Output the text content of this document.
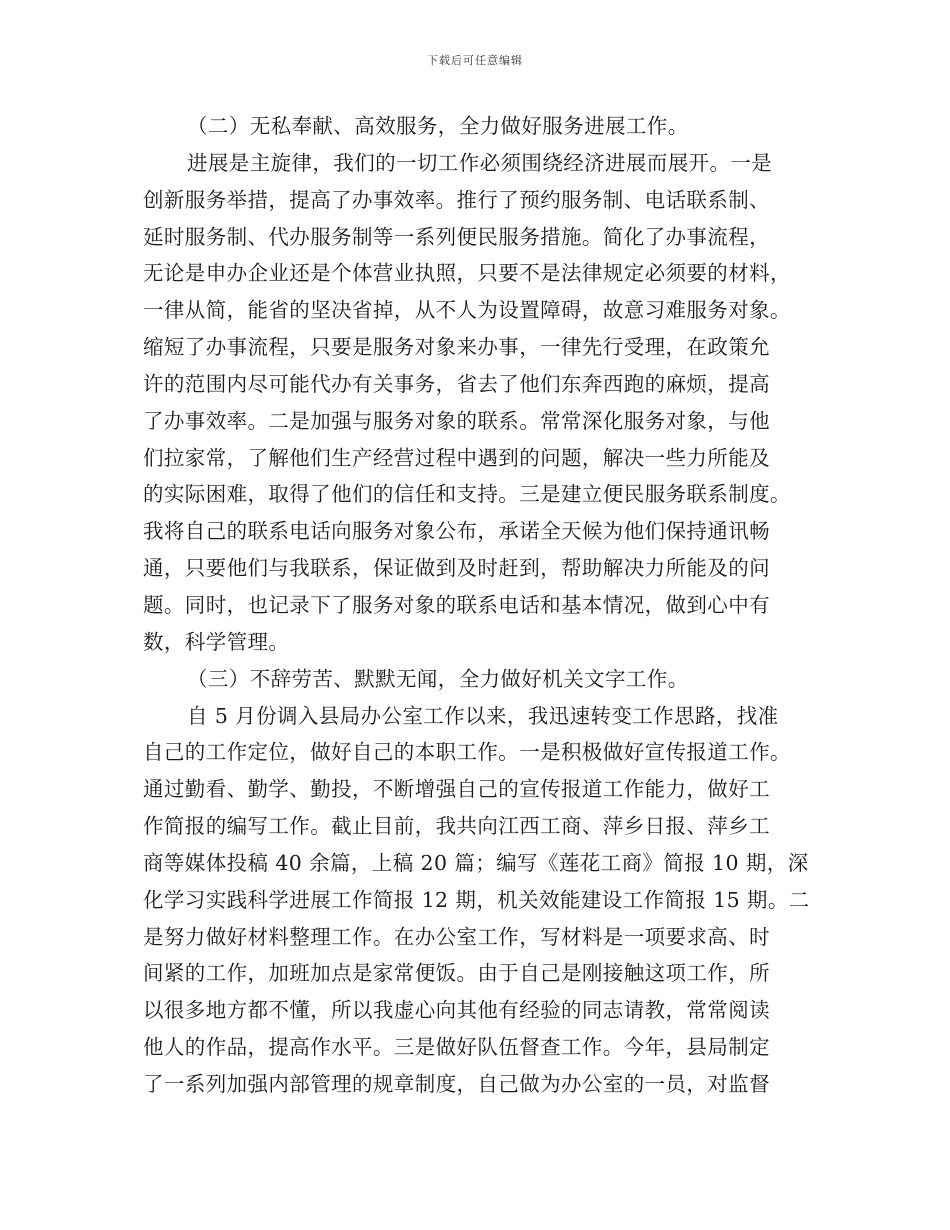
下载后可任意编辑
（二）无私奉献、高效服务，全力做好服务进展工作。
进展是主旋律，我们的一切工作必须围绕经济进展而展开。一是
创新服务举措，提高了办事效率。推行了预约服务制、电话联系制、
延时服务制、代办服务制等一系列便民服务措施。简化了办事流程，
无论是申办企业还是个体营业执照，只要不是法律规定必须要的材料，
一律从简，能省的坚决省掉，从不人为设置障碍，故意习难服务对象。
缩短了办事流程，只要是服务对象来办事，一律先行受理，在政策允
许的范围内尽可能代办有关事务，省去了他们东奔西跑的麻烦，提高
了办事效率。二是加强与服务对象的联系。常常深化服务对象，与他
们拉家常，了解他们生产经营过程中遇到的问题，解决一些力所能及
的实际困难，取得了他们的信任和支持。三是建立便民服务联系制度。
我将自己的联系电话向服务对象公布，承诺全天候为他们保持通讯畅
通，只要他们与我联系，保证做到及时赶到，帮助解决力所能及的问
题。同时，也记录下了服务对象的联系电话和基本情况，做到心中有
数，科学管理。
（三）不辞劳苦、默默无闻，全力做好机关文字工作。
自 5 月份调入县局办公室工作以来，我迅速转变工作思路，找准
自己的工作定位，做好自己的本职工作。一是积极做好宣传报道工作。
通过勤看、勤学、勤投，不断增强自己的宣传报道工作能力，做好工
作简报的编写工作。截止目前，我共向江西工商、萍乡日报、萍乡工
商等媒体投稿 40 余篇，上稿 20 篇；编写《莲花工商》简报 10 期，深
化学习实践科学进展工作简报 12 期，机关效能建设工作简报 15 期。二
是努力做好材料整理工作。在办公室工作，写材料是一项要求高、时
间紧的工作，加班加点是家常便饭。由于自己是刚接触这项工作，所
以很多地方都不懂，所以我虚心向其他有经验的同志请教，常常阅读
他人的作品，提高作水平。三是做好队伍督查工作。今年，县局制定
了一系列加强内部管理的规章制度，自己做为办公室的一员，对监督
